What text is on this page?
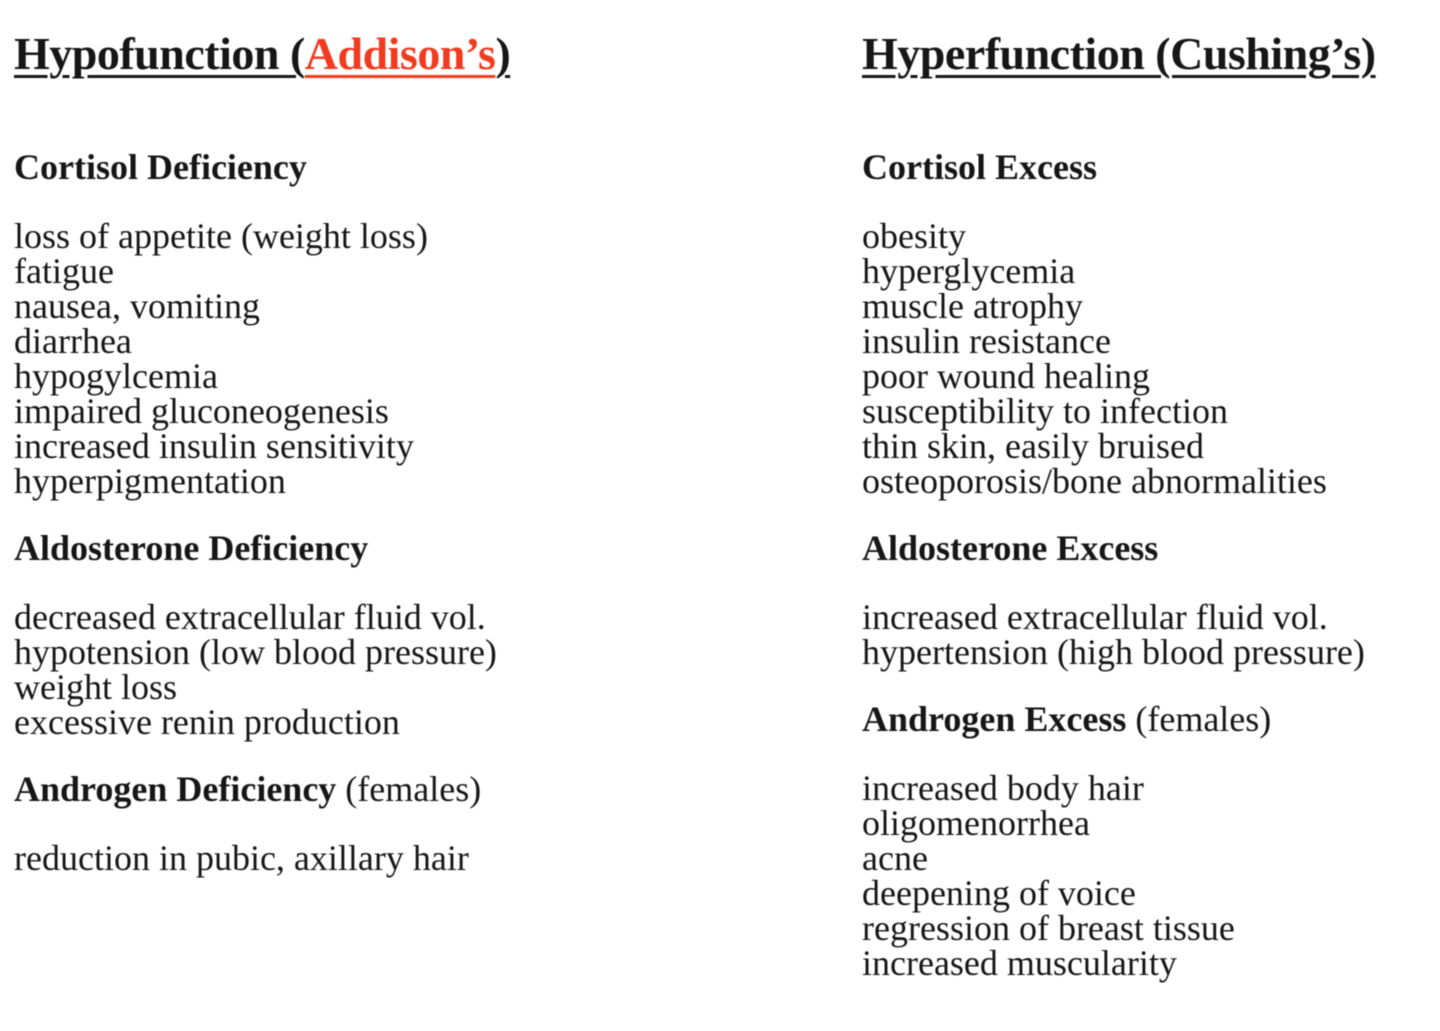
Hypofunction (Addison’s)
Cortisol Deficiency
loss of appetite (weight loss)
fatigue
nausea, vomiting
diarrhea
hypogylcemia
impaired gluconeogenesis
increased insulin sensitivity
hyperpigmentation
Aldosterone Deficiency
decreased extracellular fluid vol.
hypotension (low blood pressure)
weight loss
excessive renin production
Androgen Deficiency (females)
reduction in pubic, axillary hair
Hyperfunction (Cushing’s)
Cortisol Excess
obesity
hyperglycemia
muscle atrophy
insulin resistance
poor wound healing
susceptibility to infection
thin skin, easily bruised
osteoporosis/bone abnormalities
Aldosterone Excess
increased extracellular fluid vol.
hypertension (high blood pressure)
Androgen Excess (females)
increased body hair
oligomenorrhea
acne
deepening of voice
regression of breast tissue
increased muscularity
